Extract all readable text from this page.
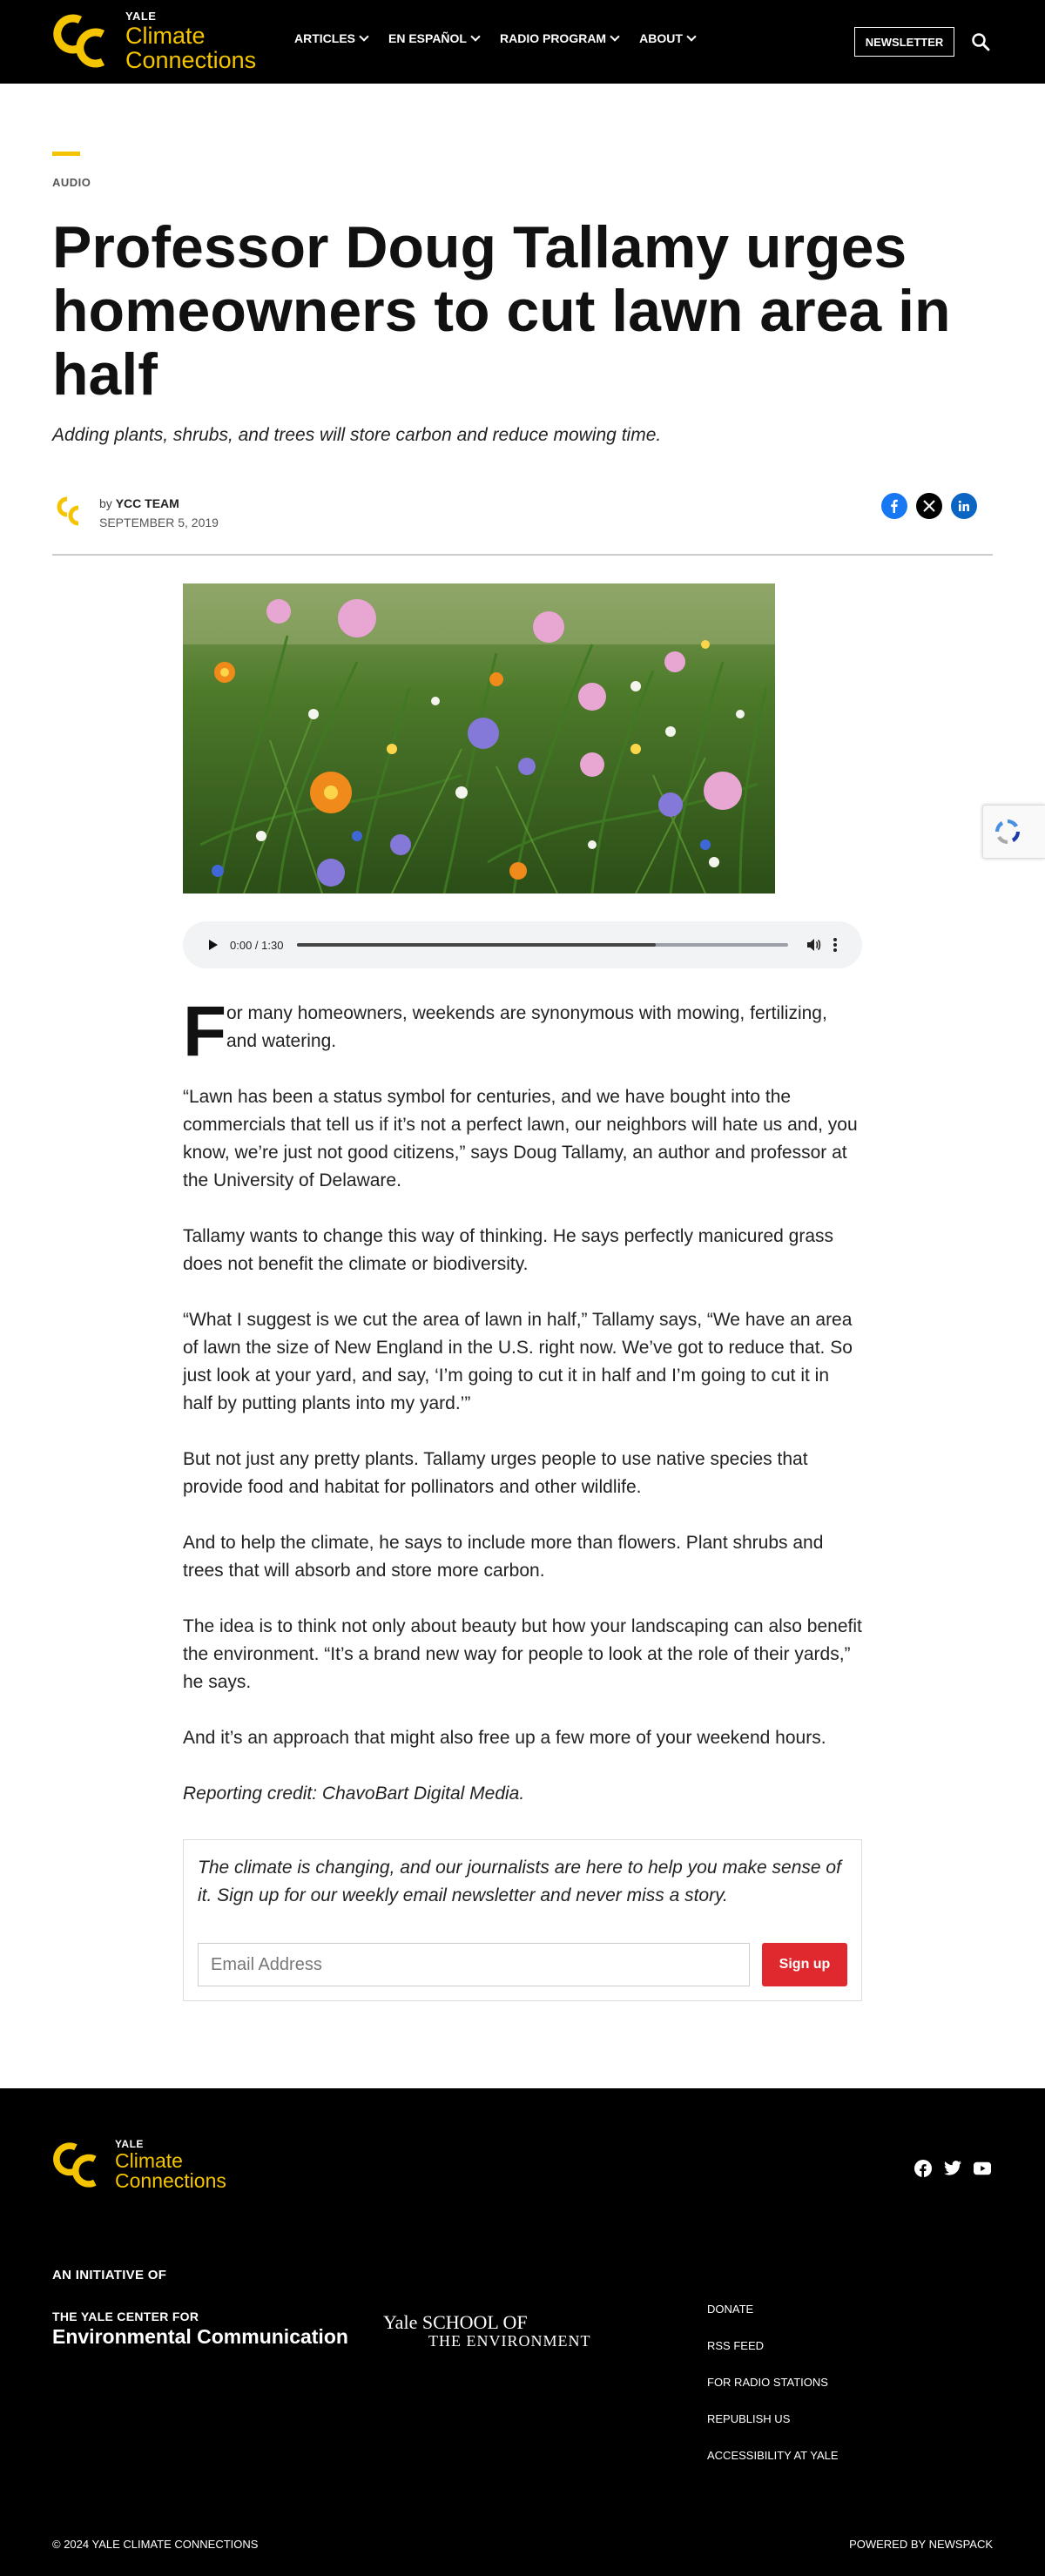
YALE
Climate
Connections
ARTICLES	EN ESPAÑOL	RADIO PROGRAM	ABOUT	NEWSLETTER
AUDIO
Professor Doug Tallamy urges homeowners to cut lawn area in half

Adding plants, shrubs, and trees will store carbon and reduce mowing time.

by YCC TEAM
SEPTEMBER 5, 2019
0:00 / 1:30

F or many homeowners, weekends are synonymous with mowing, fertilizing, and watering.

“Lawn has been a status symbol for centuries, and we have bought into the commercials that tell us if it’s not a perfect lawn, our neighbors will hate us and, you know, we’re just not good citizens,” says Doug Tallamy, an author and professor at the University of Delaware.

Tallamy wants to change this way of thinking. He says perfectly manicured grass does not benefit the climate or biodiversity.

“What I suggest is we cut the area of lawn in half,” Tallamy says, “We have an area of lawn the size of New England in the U.S. right now. We’ve got to reduce that. So just look at your yard, and say, ‘I’m going to cut it in half and I’m going to cut it in half by putting plants into my yard.’”

But not just any pretty plants. Tallamy urges people to use native species that provide food and habitat for pollinators and other wildlife.

And to help the climate, he says to include more than flowers. Plant shrubs and trees that will absorb and store more carbon.

The idea is to think not only about beauty but how your landscaping can also benefit the environment. “It’s a brand new way for people to look at the role of their yards,” he says.

And it’s an approach that might also free up a few more of your weekend hours.

Reporting credit: ChavoBart Digital Media.

The climate is changing, and our journalists are here to help you make sense of it. Sign up for our weekly email newsletter and never miss a story.

Email Address	Sign up
YALE
Climate
Connections
AN INITIATIVE OF
THE YALE CENTER FOR
Environmental Communication
Yale SCHOOL OF
THE ENVIRONMENT
DONATE
RSS FEED
FOR RADIO STATIONS
REPUBLISH US
ACCESSIBILITY AT YALE
© 2024 YALE CLIMATE CONNECTIONS	POWERED BY NEWSPACK
